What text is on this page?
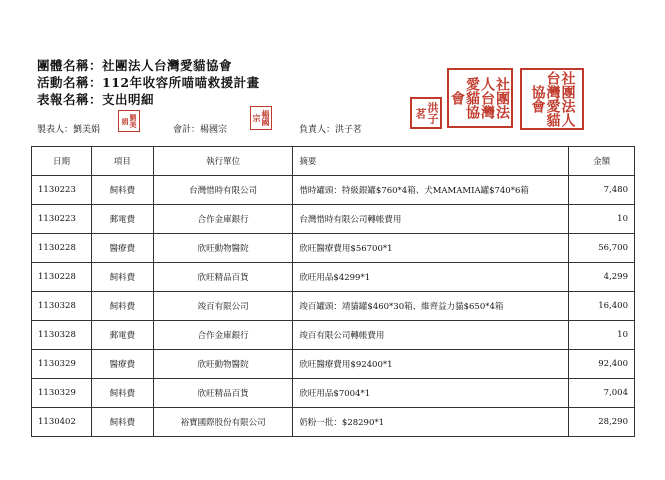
團體名稱：社團法人台灣愛貓協會
活動名稱：112年收容所喵喵救援計畫
表報名稱：支出明細	社團法人台灣愛貓協會	社團法人台灣愛貓協會
洪子茗
楊國宗
劉美娟
製表人：劉美娟	會計：楊國宗	負責人：洪子茗
日期	項目	執行單位	摘要	金額
1130223	飼料費	台灣惜時有限公司	惜時罐頭：特級銀罐$760*4箱、犬MAMAMIA罐$740*6箱	7,480
1130223	郵電費	合作金庫銀行	台灣惜時有限公司轉帳費用	10
1130228	醫療費	欣旺動物醫院	欣旺醫療費用$56700*1	56,700
1130228	飼料費	欣旺精品百貨	欣旺用品$4299*1	4,299
1130328	飼料費	竣百有限公司	竣百罐頭：靖貓罐$460*30箱、維齊益力貓$650*4箱	16,400
1130328	郵電費	合作金庫銀行	竣百有限公司轉帳費用	10
1130329	醫療費	欣旺動物醫院	欣旺醫療費用$92400*1	92,400
1130329	飼料費	欣旺精品百貨	欣旺用品$7004*1	7,004
1130402	飼料費	裕寶國際股份有限公司	奶粉一批：$28290*1	28,290
